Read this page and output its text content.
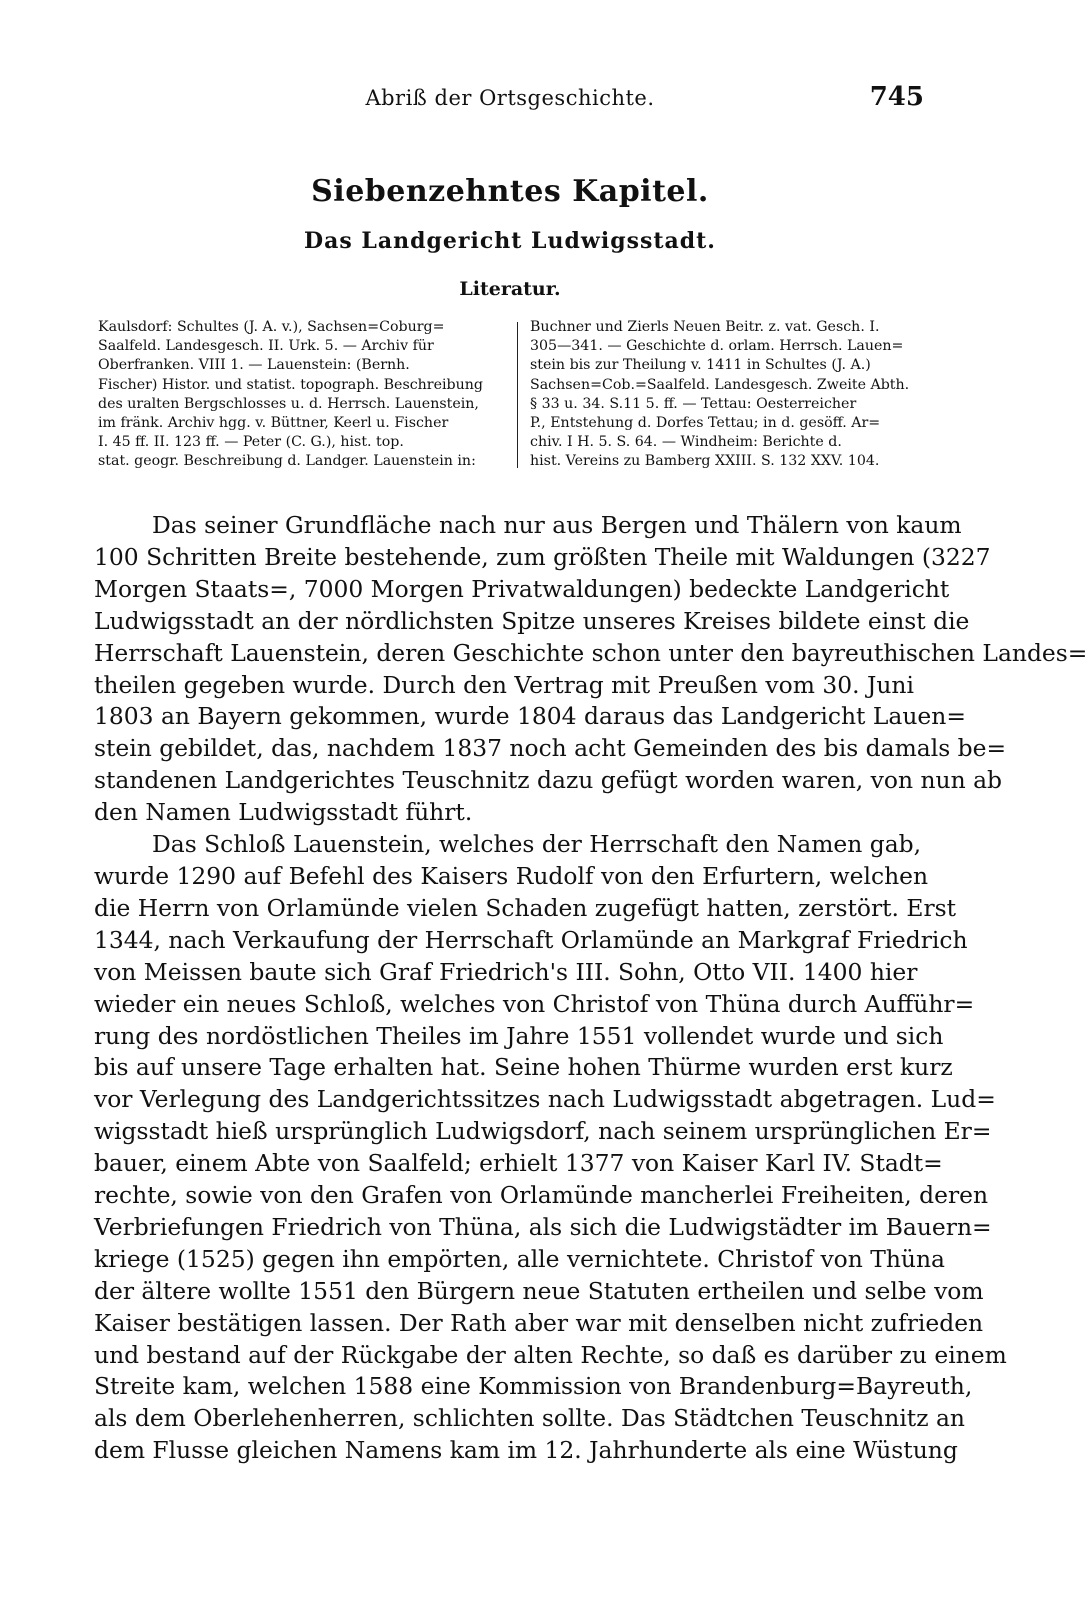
Abriß der Ortsgeschichte.	745
Siebenzehntes Kapitel.
Das Landgericht Ludwigsstadt.
Literatur.
Kaulsdorf: Schultes (J. A. v.), Sachsen=Coburg=
Saalfeld. Landesgesch. II. Urk. 5. — Archiv für
Oberfranken. VIII 1. — Lauenstein: (Bernh.
Fischer) Histor. und statist. topograph. Beschreibung
des uralten Bergschlosses u. d. Herrsch. Lauenstein,
im fränk. Archiv hgg. v. Büttner, Keerl u. Fischer
I. 45 ff. II. 123 ff. — Peter (C. G.), hist. top.
stat. geogr. Beschreibung d. Landger. Lauenstein in:
Buchner und Zierls Neuen Beitr. z. vat. Gesch. I.
305—341. — Geschichte d. orlam. Herrsch. Lauen=
stein bis zur Theilung v. 1411 in Schultes (J. A.)
Sachsen=Cob.=Saalfeld. Landesgesch. Zweite Abth.
§ 33 u. 34. S.11 5. ff. — Tettau: Oesterreicher
P., Entstehung d. Dorfes Tettau; in d. gesöff. Ar=
chiv. I H. 5. S. 64. — Windheim: Berichte d.
hist. Vereins zu Bamberg XXIII. S. 132 XXV. 104.
Das seiner Grundfläche nach nur aus Bergen und Thälern von kaum
100 Schritten Breite bestehende, zum größten Theile mit Waldungen (3227
Morgen Staats=, 7000 Morgen Privatwaldungen) bedeckte Landgericht
Ludwigsstadt an der nördlichsten Spitze unseres Kreises bildete einst die
Herrschaft Lauenstein, deren Geschichte schon unter den bayreuthischen Landes=
theilen gegeben wurde. Durch den Vertrag mit Preußen vom 30. Juni
1803 an Bayern gekommen, wurde 1804 daraus das Landgericht Lauen=
stein gebildet, das, nachdem 1837 noch acht Gemeinden des bis damals be=
standenen Landgerichtes Teuschnitz dazu gefügt worden waren, von nun ab
den Namen Ludwigsstadt führt.
Das Schloß Lauenstein, welches der Herrschaft den Namen gab,
wurde 1290 auf Befehl des Kaisers Rudolf von den Erfurtern, welchen
die Herrn von Orlamünde vielen Schaden zugefügt hatten, zerstört. Erst
1344, nach Verkaufung der Herrschaft Orlamünde an Markgraf Friedrich
von Meissen baute sich Graf Friedrich's III. Sohn, Otto VII. 1400 hier
wieder ein neues Schloß, welches von Christof von Thüna durch Aufführ=
rung des nordöstlichen Theiles im Jahre 1551 vollendet wurde und sich
bis auf unsere Tage erhalten hat. Seine hohen Thürme wurden erst kurz
vor Verlegung des Landgerichtssitzes nach Ludwigsstadt abgetragen. Lud=
wigsstadt hieß ursprünglich Ludwigsdorf, nach seinem ursprünglichen Er=
bauer, einem Abte von Saalfeld; erhielt 1377 von Kaiser Karl IV. Stadt=
rechte, sowie von den Grafen von Orlamünde mancherlei Freiheiten, deren
Verbriefungen Friedrich von Thüna, als sich die Ludwigstädter im Bauern=
kriege (1525) gegen ihn empörten, alle vernichtete. Christof von Thüna
der ältere wollte 1551 den Bürgern neue Statuten ertheilen und selbe vom
Kaiser bestätigen lassen. Der Rath aber war mit denselben nicht zufrieden
und bestand auf der Rückgabe der alten Rechte, so daß es darüber zu einem
Streite kam, welchen 1588 eine Kommission von Brandenburg=Bayreuth,
als dem Oberlehenherren, schlichten sollte. Das Städtchen Teuschnitz an
dem Flusse gleichen Namens kam im 12. Jahrhunderte als eine Wüstung
